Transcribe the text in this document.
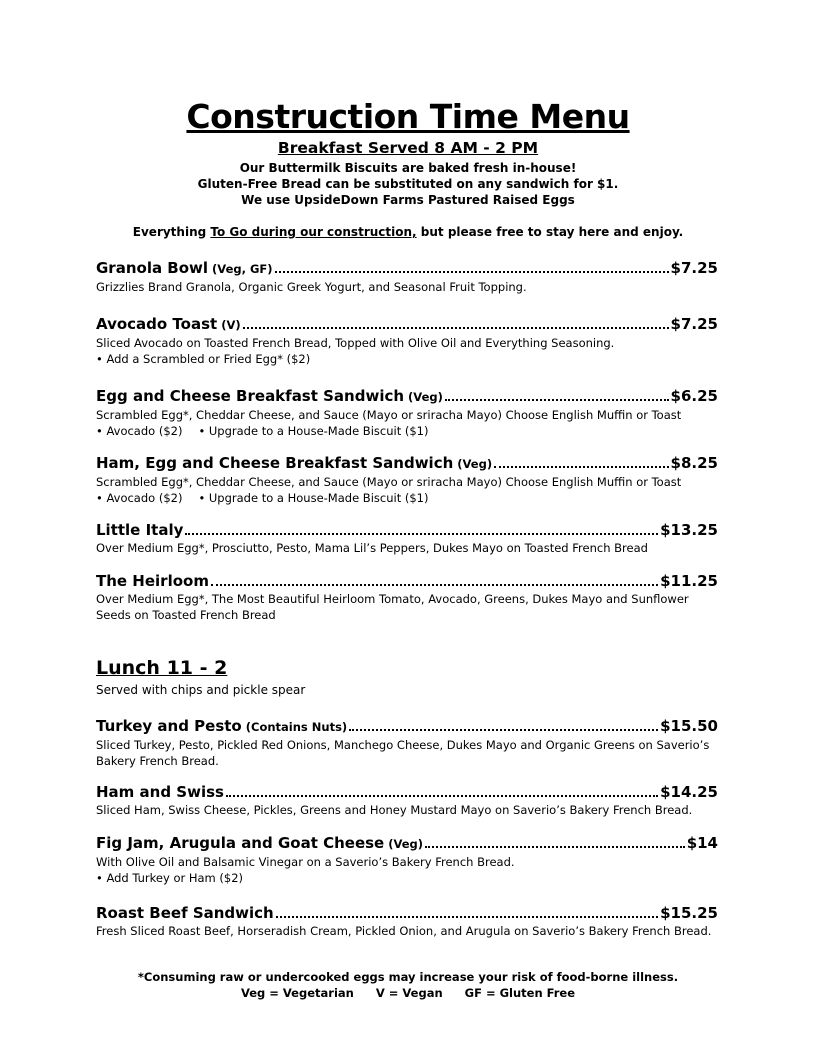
Construction Time Menu
Breakfast Served 8 AM - 2 PM
Our Buttermilk Biscuits are baked fresh in-house!
Gluten-Free Bread can be substituted on any sandwich for $1.
We use UpsideDown Farms Pastured Raised Eggs
Everything To Go during our construction, but please free to stay here and enjoy.
Granola Bowl (Veg, GF)	$7.25
Grizzlies Brand Granola, Organic Greek Yogurt, and Seasonal Fruit Topping.
Avocado Toast (V)	$7.25
Sliced Avocado on Toasted French Bread, Topped with Olive Oil and Everything Seasoning.
• Add a Scrambled or Fried Egg* ($2)
Egg and Cheese Breakfast Sandwich (Veg)	$6.25
Scrambled Egg*, Cheddar Cheese, and Sauce (Mayo or sriracha Mayo) Choose English Muffin or Toast
• Avocado ($2) • Upgrade to a House-Made Biscuit ($1)
Ham, Egg and Cheese Breakfast Sandwich (Veg)	$8.25
Scrambled Egg*, Cheddar Cheese, and Sauce (Mayo or sriracha Mayo) Choose English Muffin or Toast
• Avocado ($2) • Upgrade to a House-Made Biscuit ($1)
Little Italy	$13.25
Over Medium Egg*, Prosciutto, Pesto, Mama Lil’s Peppers, Dukes Mayo on Toasted French Bread
The Heirloom	$11.25
Over Medium Egg*, The Most Beautiful Heirloom Tomato, Avocado, Greens, Dukes Mayo and Sunflower Seeds on Toasted French Bread
Lunch 11 - 2
Served with chips and pickle spear
Turkey and Pesto (Contains Nuts)	$15.50
Sliced Turkey, Pesto, Pickled Red Onions, Manchego Cheese, Dukes Mayo and Organic Greens on Saverio’s Bakery French Bread.
Ham and Swiss	$14.25
Sliced Ham, Swiss Cheese, Pickles, Greens and Honey Mustard Mayo on Saverio’s Bakery French Bread.
Fig Jam, Arugula and Goat Cheese (Veg)	$14
With Olive Oil and Balsamic Vinegar on a Saverio’s Bakery French Bread.
• Add Turkey or Ham ($2)
Roast Beef Sandwich	$15.25
Fresh Sliced Roast Beef, Horseradish Cream, Pickled Onion, and Arugula on Saverio’s Bakery French Bread.
*Consuming raw or undercooked eggs may increase your risk of food-borne illness.
Veg = Vegetarian V = Vegan GF = Gluten Free
